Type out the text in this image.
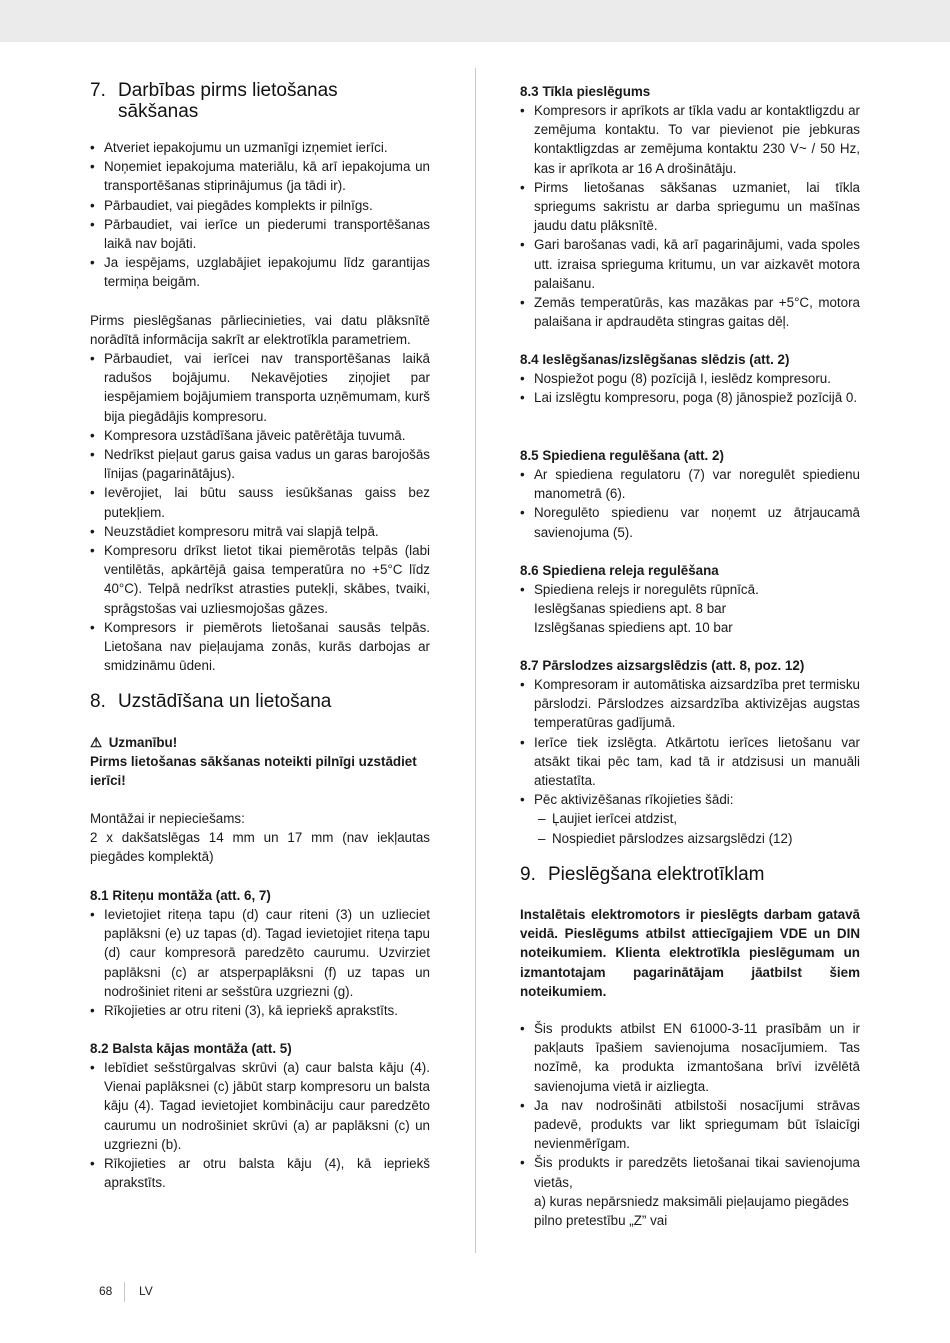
7. Darbības pirms lietošanas
sākšanas
• Atveriet iepakojumu un uzmanīgi izņemiet ierīci.
• Noņemiet iepakojuma materiālu, kā arī iepakojuma un transportēšanas stiprinājumus (ja tādi ir).
• Pārbaudiet, vai piegādes komplekts ir pilnīgs.
• Pārbaudiet, vai ierīce un piederumi transportēšanas laikā nav bojāti.
• Ja iespējams, uzglabājiet iepakojumu līdz garantijas termiņa beigām.
Pirms pieslēgšanas pārliecinieties, vai datu plāksnītē norādītā informācija sakrīt ar elektrotīkla parametriem.
• Pārbaudiet, vai ierīcei nav transportēšanas laikā radušos bojājumu. Nekavējoties ziņojiet par iespējamiem bojājumiem transporta uzņēmumam, kurš bija piegādājis kompresoru.
• Kompresora uzstādīšana jāveic patērētāja tuvumā.
• Nedrīkst pieļaut garus gaisa vadus un garas barojošās līnijas (pagarinātājus).
• Ievērojiet, lai būtu sauss iesūkšanas gaiss bez putekļiem.
• Neuzstādiet kompresoru mitrā vai slapjā telpā.
• Kompresoru drīkst lietot tikai piemērotās telpās (labi ventilētās, apkārtējā gaisa temperatūra no +5°C līdz 40°C). Telpā nedrīkst atrasties putekļi, skābes, tvaiki, sprāgstošas vai uzliesmojošas gāzes.
• Kompresors ir piemērots lietošanai sausās telpās. Lietošana nav pieļaujama zonās, kurās darbojas ar smidzināmu ūdeni.
8. Uzstādīšana un lietošana
⚠ Uzmanību!
Pirms lietošanas sākšanas noteikti pilnīgi uzstādiet ierīci!
Montāžai ir nepieciešams:
2 x dakšatslēgas 14 mm un 17 mm (nav iekļautas piegādes komplektā)
8.1 Riteņu montāža (att. 6, 7)
• Ievietojiet riteņa tapu (d) caur riteni (3) un uzlieciet paplāksni (e) uz tapas (d). Tagad ievietojiet riteņa tapu (d) caur kompresorā paredzēto caurumu. Uzvirziet paplāksni (c) ar atsperpaplāksni (f) uz tapas un nodrošiniet riteni ar sešstūra uzgriezni (g).
• Rīkojieties ar otru riteni (3), kā iepriekš aprakstīts.
8.2 Balsta kājas montāža (att. 5)
• Iebīdiet sešstūrgalvas skrūvi (a) caur balsta kāju (4). Vienai paplāksnei (c) jābūt starp kompresoru un balsta kāju (4). Tagad ievietojiet kombināciju caur paredzēto caurumu un nodrošiniet skrūvi (a) ar paplāksni (c) un uzgriezni (b).
• Rīkojieties ar otru balsta kāju (4), kā iepriekš aprakstīts.
8.3 Tīkla pieslēgums
• Kompresors ir aprīkots ar tīkla vadu ar kontaktligzdu ar zemējuma kontaktu. To var pievienot pie jebkuras kontaktligzdas ar zemējuma kontaktu 230 V~ / 50 Hz, kas ir aprīkota ar 16 A drošinātāju.
• Pirms lietošanas sākšanas uzmaniet, lai tīkla spriegums sakristu ar darba spriegumu un mašīnas jaudu datu plāksnītē.
• Gari barošanas vadi, kā arī pagarinājumi, vada spoles utt. izraisa sprieguma kritumu, un var aizkavēt motora palaišanu.
• Zemās temperatūrās, kas mazākas par +5°C, motora palaišana ir apdraudēta stingras gaitas dēļ.
8.4 Ieslēgšanas/izslēgšanas slēdzis (att. 2)
• Nospiežot pogu (8) pozīcijā I, ieslēdz kompresoru.
• Lai izslēgtu kompresoru, poga (8) jānospiež pozīcijā 0.
8.5 Spiediena regulēšana (att. 2)
• Ar spiediena regulatoru (7) var noregulēt spiedienu manometrā (6).
• Noregulēto spiedienu var noņemt uz ātrjaucamā savienojuma (5).
8.6 Spiediena releja regulēšana
• Spiediena relejs ir noregulēts rūpnīcā.
Ieslēgšanas spiediens apt. 8 bar
Izslēgšanas spiediens apt. 10 bar
8.7 Pārslodzes aizsargslēdzis (att. 8, poz. 12)
• Kompresoram ir automātiska aizsardzība pret termisku pārslodzi. Pārslodzes aizsardzība aktivizējas augstas temperatūras gadījumā.
• Ierīce tiek izslēgta. Atkārtotu ierīces lietošanu var atsākt tikai pēc tam, kad tā ir atdzisusi un manuāli atiestatīta.
• Pēc aktivizēšanas rīkojieties šādi:
– Ļaujiet ierīcei atdzist,
– Nospiediet pārslodzes aizsargslēdzi (12)
9. Pieslēgšana elektrotīklam
Instalētais elektromotors ir pieslēgts darbam gatavā veidā. Pieslēgums atbilst attiecīgajiem VDE un DIN noteikumiem. Klienta elektrotīkla pieslēgumam un izmantotajam pagarinātājam jāatbilst šiem noteikumiem.
• Šis produkts atbilst EN 61000-3-11 prasībām un ir pakļauts īpašiem savienojuma nosacījumiem. Tas nozīmē, ka produkta izmantošana brīvi izvēlētā savienojuma vietā ir aizliegta.
• Ja nav nodrošināti atbilstoši nosacījumi strāvas padevē, produkts var likt spriegumam būt īslaicīgi nevienmērīgam.
• Šis produkts ir paredzēts lietošanai tikai savienojuma vietās,
a) kuras nepārsniedz maksimāli pieļaujamo piegādes pilno pretestību „Z” vai
68 LV
